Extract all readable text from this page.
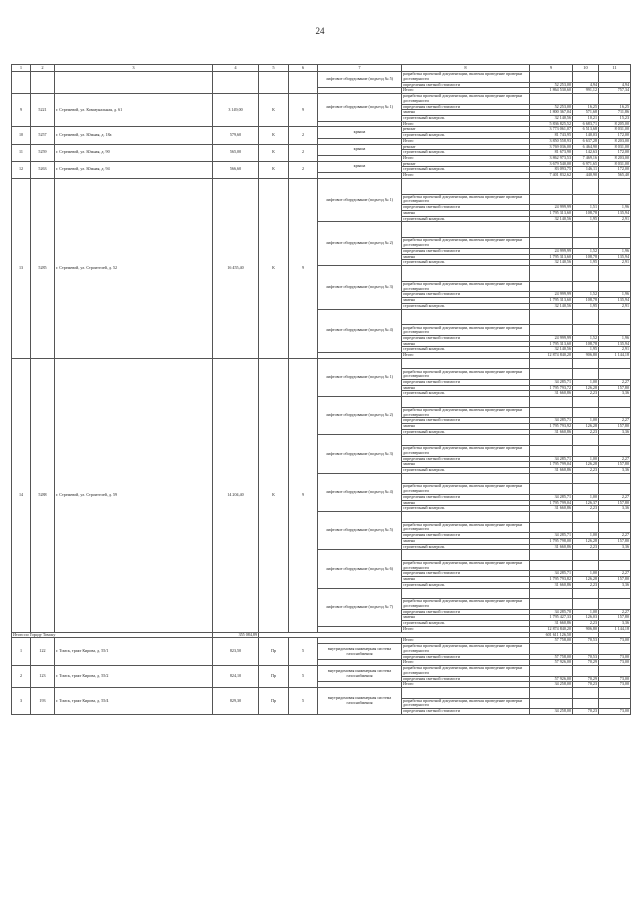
24
1	2	3	4	5	6	7	8	9	10	11
						лифтовое оборудование (подъезд № 5)	разработка проектной документации, включая проведение проверки достоверности			
							определения сметной стоимости	52 253,00	4,94	4,94
							Итого	1 864 530,60	991,12	757,34
9	5221	г. Стрежевой, ул. Коммунальная, д. 61	3 149,00	К	9	лифтовое оборудование (подъезд № 1)	разработка проектной документации, включая проведение проверки достоверности			
							определения сметной стоимости	52 253,00	16,25	16,25
							замена	1 800 367,04	571,68	711,86
							строительный контроль	32 140,56	10,21	15,23
							Итого	5 836 825,52	6 683,71	8 205,00
10	5257	г. Стрежевой, ул. Южная, д. 18а	579,60	К	2	крыша	ремонт	3 773 061,07	6 513,68	8 031,00
							строительный контроль	81 743,95	140,03	172,00
							Итого	3 850 558,93	6 637,28	8 203,00
11	5259	г. Стрежевой, ул. Южная, д. 90	565,00	К	2	крыша	ремонт	3 769 036,00	6 464,90	8 031,00
							строительный контроль	81 673,90	142,63	172,00
							Итого	3 862 973,53	7 469,16	8 203,00
12	5263	г. Стрежевой, ул. Южная, д. 94	566,60	К	2	крыша	ремонт	3 679 540,00	6 971,65	8 031,00
							строительный контроль	83 093,75	146,11	172,00
							Итого	7 401 832,62	440,90	565,40
13	5285	г. Стрежевой, ул. Строителей, д. 52	16 455,40	К	9	лифтовое оборудование (подъезд № 1)				
							разработка проектной документации, включая проведение проверки достоверности			
							определения сметной стоимости	24 999,99	1,51	1,96
							замена	1 795 313,60	108,78	135,94
							строительный контроль	32 140,56	1,95	2,91
						лифтовое оборудование (подъезд № 2)				
							разработка проектной документации, включая проведение проверки достоверности			
							определения сметной стоимости	24 999,99	1,52	1,96
							замена	1 795 313,60	108,78	135,94
							строительный контроль	32 140,56	1,95	2,91
						лифтовое оборудование (подъезд № 3)				
							разработка проектной документации, включая проведение проверки достоверности			
							определения сметной стоимости	24 999,99	1,52	1,96
							замена	1 795 313,60	108,78	135,94
							строительный контроль	32 140,56	1,95	2,91
						лифтовое оборудование (подъезд № 4)				
							разработка проектной документации, включая проведение проверки достоверности			
							определения сметной стоимости	24 999,99	1,52	1,96
							замена	1 795 313,60	108,78	135,94
							строительный контроль	32 140,56	1,95	2,91
							Итого	12 874 840,20	906,80	1 144,18
14	5288	г. Стрежевой, ул. Строителей, д. 59	14 204,40	К	9	лифтовое оборудование (подъезд № 1)				
							разработка проектной документации, включая проведение проверки достоверности			
							определения сметной стоимости	34 285,71	1,00	2,27
							замена	1 795 793,72	126,28	157,80
							строительный контроль	31 660,86	2,23	3,36
						лифтовое оборудование (подъезд № 2)				
							разработка проектной документации, включая проведение проверки достоверности			
							определения сметной стоимости	34 285,71	1,00	2,27
							замена	1 795 793,92	126,28	157,80
							строительный контроль	31 660,86	2,23	3,36
						лифтовое оборудование (подъезд № 3)				
							разработка проектной документации, включая проведение проверки достоверности			
							определения сметной стоимости	34 285,71	1,00	2,27
							замена	1 795 799,04	126,28	157,80
							строительный контроль	31 660,86	2,23	3,36
						лифтовое оборудование (подъезд № 4)				
							разработка проектной документации, включая проведение проверки достоверности			
							определения сметной стоимости	34 285,71	1,00	2,27
							замена	1 795 799,04	126,37	157,80
							строительный контроль	31 660,86	2,23	3,36
						лифтовое оборудование (подъезд № 5)				
							разработка проектной документации, включая проведение проверки достоверности			
							определения сметной стоимости	34 285,71	1,00	2,27
							замена	1 795 798,00	126,28	157,80
							строительный контроль	31 660,86	2,23	3,36
						лифтовое оборудование (подъезд № 6)				
							разработка проектной документации, включая проведение проверки достоверности			
							определения сметной стоимости	34 285,71	1,00	2,27
							замена	1 795 793,82	126,28	157,80
							строительный контроль	31 660,86	2,23	3,36
						лифтовое оборудование (подъезд № 7)				
							разработка проектной документации, включая проведение проверки достоверности			
							определения сметной стоимости	34 285,70	1,00	2,27
							замена	1 795 427,33	126,03	157,80
							строительный контроль	31 660,86	2,23	3,36
							Итого	12 874 840,20	906,80	1 144,18
Итого по Городу Томску			355 084,89					601 611 126,50		
1	122	г. Томск, тракт Кирова, д. 55/1	823,50	Пр	5		Итого	57 758,00	70,53	73,00
						внутридомовая инженерная система газоснабжения	разработка проектной документации, включая проведение проверки достоверности			
							определения сметной стоимости	57 758,00	70,53	73,00
							Итого	57 926,00	70,29	73,00
2	123	г. Томск, тракт Кирова, д. 55/2	824,10	Пр	5	внутридомовая инженерная система газоснабжения	разработка проектной документации, включая проведение проверки достоверности			
							определения сметной стоимости	57 926,00	70,29	73,00
							Итого	34 258,00	70,23	73,00
3	193	г. Томск, тракт Кирова, д. 55/4	829,30	Пр	5	внутридомовая инженерная система газоснабжения				
							разработка проектной документации, включая проведение проверки достоверности			
							определения сметной стоимости	34 258,00	70,23	73,00
